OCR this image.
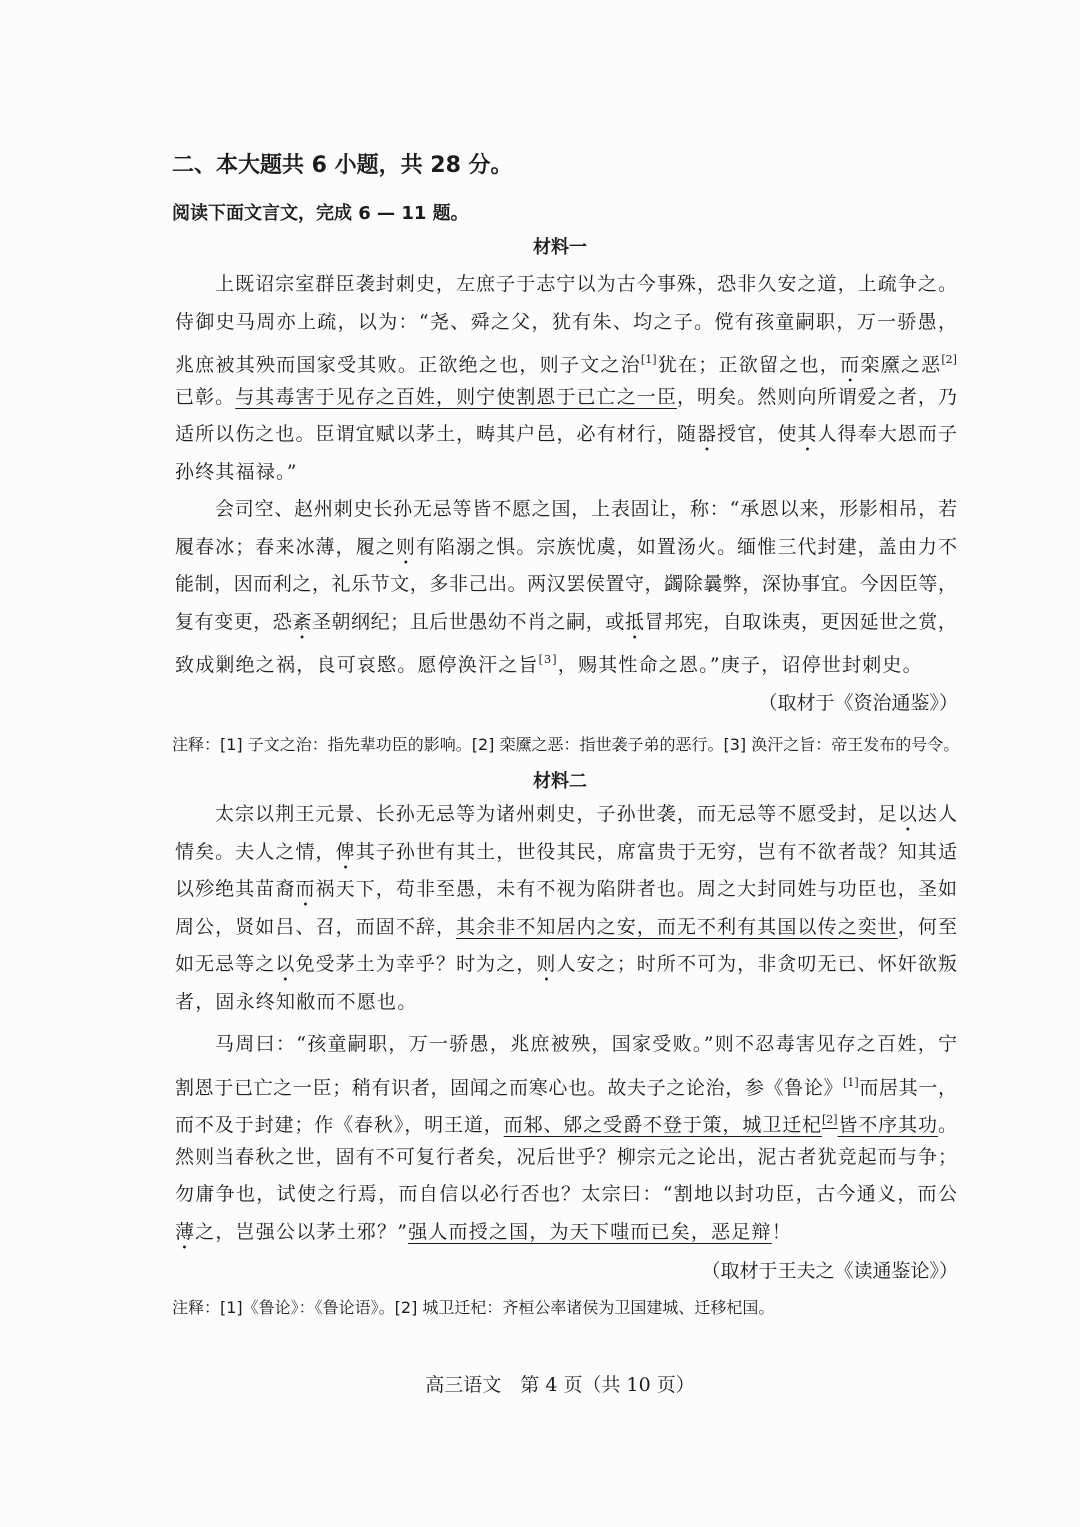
二、本大题共 6 小题，共 28 分。
阅读下面文言文，完成 6 — 11 题。
材料一
上既诏宗室群臣袭封刺史，左庶子于志宁以为古今事殊，恐非久安之道，上疏争之。
侍御史马周亦上疏，以为：“尧、舜之父，犹有朱、均之子。傥有孩童嗣职，万一骄愚，
兆庶被其殃而国家受其败。正欲绝之也，则子文之治[1]犹在；正欲留之也，而栾黡之恶[2]
已彰。与其毒害于见存之百姓，则宁使割恩于已亡之一臣，明矣。然则向所谓爱之者，乃
适所以伤之也。臣谓宜赋以茅土，畴其户邑，必有材行，随器授官，使其人得奉大恩而子
孙终其福禄。”
会司空、赵州刺史长孙无忌等皆不愿之国，上表固让，称：“承恩以来，形影相吊，若
履春冰；春来冰薄，履之则有陷溺之惧。宗族忧虞，如置汤火。缅惟三代封建，盖由力不
能制，因而利之，礼乐节文，多非己出。两汉罢侯置守，蠲除曩弊，深协事宜。今因臣等，
复有变更，恐紊圣朝纲纪；且后世愚幼不肖之嗣，或抵冒邦宪，自取诛夷，更因延世之赏，
致成剿绝之祸，良可哀愍。愿停涣汗之旨[3]，赐其性命之恩。”庚子，诏停世封刺史。
（取材于《资治通鉴》）
注释：[1] 子文之治：指先辈功臣的影响。[2] 栾黡之恶：指世袭子弟的恶行。[3] 涣汗之旨：帝王发布的号令。
材料二
太宗以荆王元景、长孙无忌等为诸州刺史，子孙世袭，而无忌等不愿受封，足以达人
情矣。夫人之情，俾其子孙世有其土，世役其民，席富贵于无穷，岂有不欲者哉？知其适
以殄绝其苗裔而祸天下，苟非至愚，未有不视为陷阱者也。周之大封同姓与功臣也，圣如
周公，贤如吕、召，而固不辞，其余非不知居内之安，而无不利有其国以传之奕世，何至
如无忌等之以免受茅土为幸乎？时为之，则人安之；时所不可为，非贪叨无已、怀奸欲叛
者，固永终知敝而不愿也。
马周曰：“孩童嗣职，万一骄愚，兆庶被殃，国家受败。”则不忍毒害见存之百姓，宁
割恩于已亡之一臣；稍有识者，固闻之而寒心也。故夫子之论治，参《鲁论》[1]而居其一，
而不及于封建；作《春秋》，明王道，而邾、郳之受爵不登于策，城卫迁杞[2]皆不序其功。
然则当春秋之世，固有不可复行者矣，况后世乎？柳宗元之论出，泥古者犹竞起而与争；
勿庸争也，试使之行焉，而自信以必行否也？太宗曰：“割地以封功臣，古今通义，而公
薄之，岂强公以茅土邪？”强人而授之国，为天下嗤而已矣，恶足辩！
（取材于王夫之《读通鉴论》）
注释：[1]《鲁论》：《鲁论语》。[2] 城卫迁杞：齐桓公率诸侯为卫国建城、迁移杞国。
高三语文　第 4 页（共 10 页）
